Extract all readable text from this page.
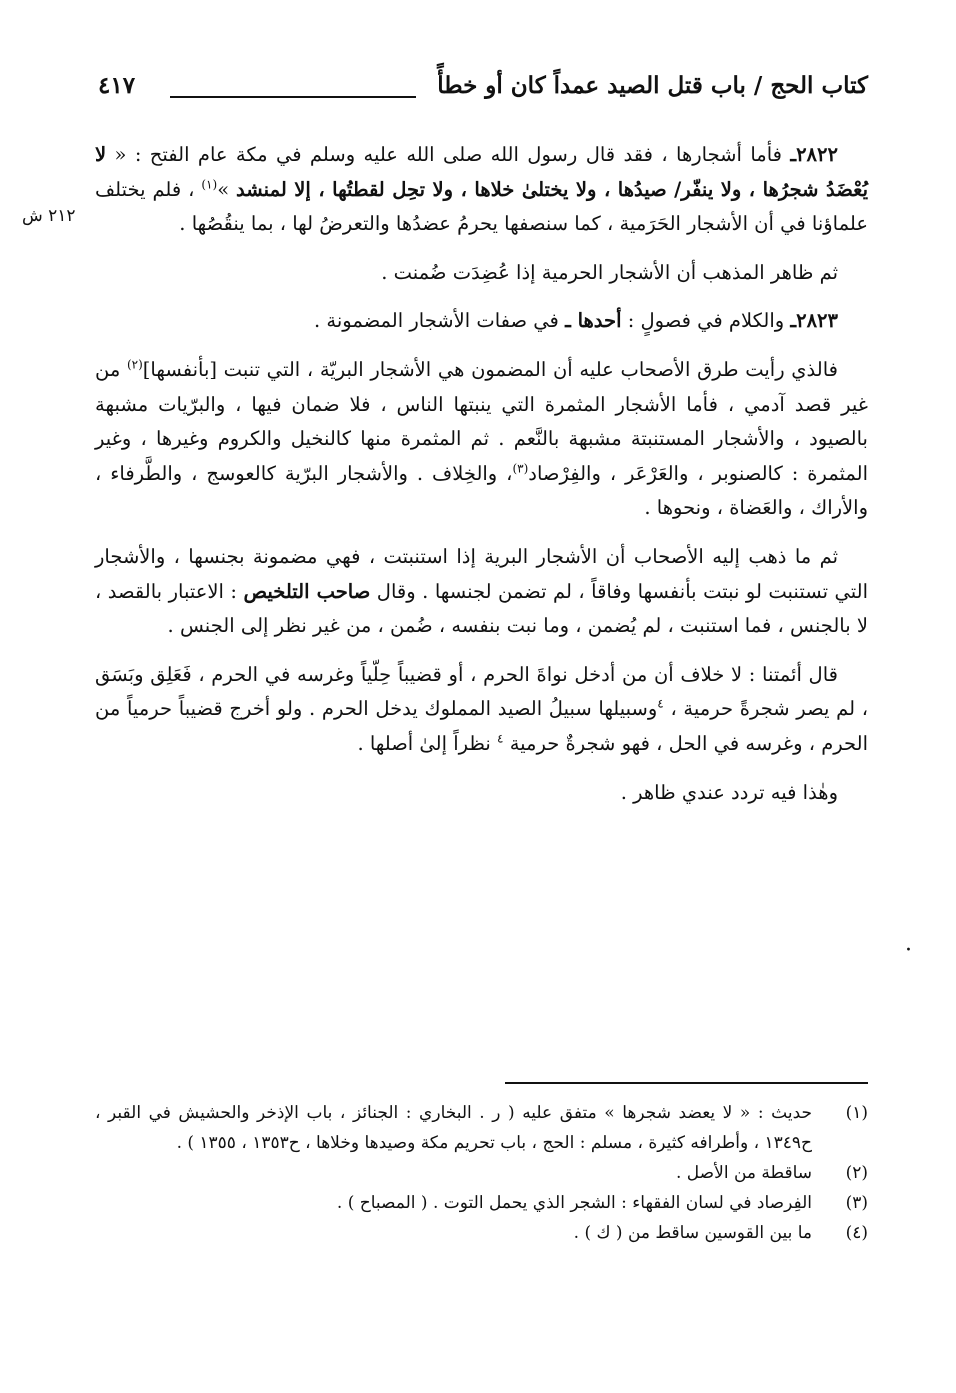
كتاب الحج / باب قتل الصيد عمداً كان أو خطأً
٤١٧
٢١٢ ش
·

٢٨٢٢ـ فأما أشجارها ، فقد قال رسول الله صلى الله عليه وسلم في مكة عام الفتح : « لا يُعْضَدُ شجرُها ، ولا ينفّر/ صيدُها ، ولا يختلىٰ خلاها ، ولا تحِل لقطتُها ، إلا لمنشد »$^{(١)}$ ، فلم يختلف علماؤنا في أن الأشجار الحَرَمية ، كما سنصفها يحرمُ عضدُها والتعرضُ لها ، بما ينقُصُها .

ثم ظاهر المذهب أن الأشجار الحرمية إذا عُضِدَت ضُمنت .

٢٨٢٣ـ والكلام في فصولٍ : أحدها ـ في صفات الأشجار المضمونة .

فالذي رأيت طرق الأصحاب عليه أن المضمون هي الأشجار البريّة ، التي تنبت [بأنفسها]$^{(٢)}$ من غير قصد آدمي ، فأما الأشجار المثمرة التي ينبتها الناس ، فلا ضمان فيها ، والبرّيات مشبهة بالصيود ، والأشجار المستنبتة مشبهة بالنَّعم . ثم المثمرة منها كالنخيل والكروم وغيرها ، وغير المثمرة : كالصنوبر ، والعَرْعَر ، والفِرْصاد$^{(٣)}$، والخِلاف . والأشجار البرّية كالعوسج ، والطَّرفاء ، والأراك ، والعَضاة ، ونحوها .

ثم ما ذهب إليه الأصحاب أن الأشجار البرية إذا استنبتت ، فهي مضمونة بجنسها ، والأشجار التي تستنبت لو نبتت بأنفسها وفاقاً ، لم تضمن لجنسها . وقال صاحب التلخيص : الاعتبار بالقصد ، لا بالجنس ، فما استنبت ، لم يُضمن ، وما نبت بنفسه ، ضُمن ، من غير نظر إلى الجنس .

قال أئمتنا : لا خلاف أن من أدخل نواةَ الحرم ، أو قضيباً حِلّياً وغرسه في الحرم ، فَعَلِق وبَسَق ، لم يصر شجرةً حرمية ، $^٤$وسبيلها سبيلُ الصيد المملوك يدخل الحرم . ولو أخرج قضيباً حرمياً من الحرم ، وغرسه في الحل ، فهو شجرةٌ حرمية $^٤$ نظراً إلىٰ أصلها .

وهٰذا فيه تردد عندي ظاهر .

(١)
حديث : « لا يعضد شجرها » متفق عليه ( ر . البخاري : الجنائز ، باب الإذخر والحشيش في القبر ، ح١٣٤٩ ، وأطرافه كثيرة ، مسلم : الحج ، باب تحريم مكة وصيدها وخلاها ، ح١٣٥٣ ، ١٣٥٥ ) .

(٢)
ساقطة من الأصل .

(٣)
الفِرصاد في لسان الفقهاء : الشجر الذي يحمل التوت . ( المصباح ) .

(٤)
ما بين القوسين ساقط من ( ك ) .
